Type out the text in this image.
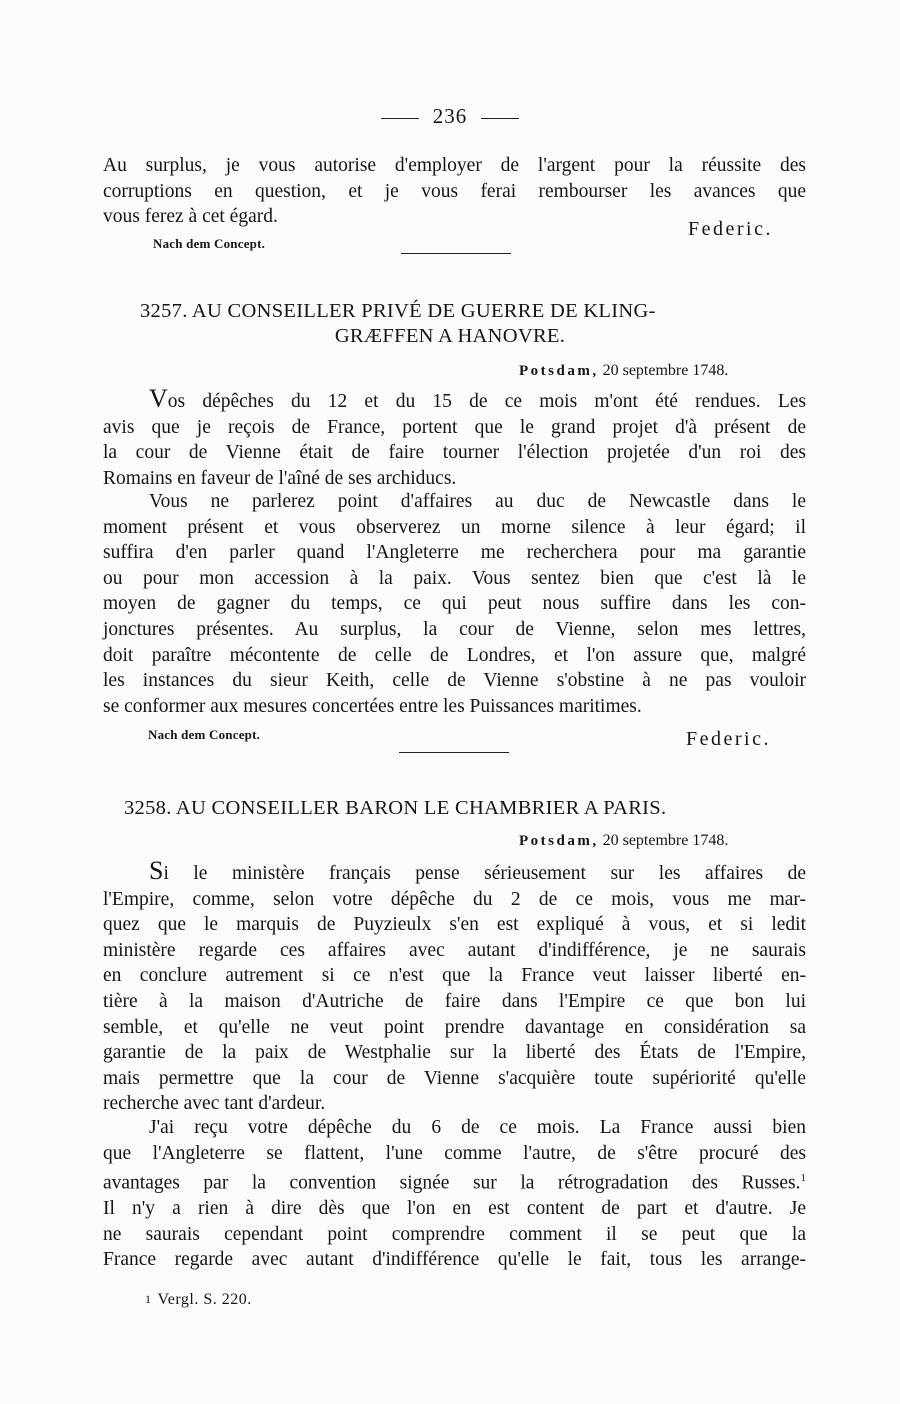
236
Au surplus, je vous autorise d'employer de l'argent pour la réussite des
corruptions en question, et je vous ferai rembourser les avances que
vous ferez à cet égard.
Nach dem Concept.
Federic.
3257. AU CONSEILLER PRIVÉ DE GUERRE DE KLING-
GRÆFFEN A HANOVRE.
Potsdam, 20 septembre 1748.
Vos dépêches du 12 et du 15 de ce mois m'ont été rendues. Les
avis que je reçois de France, portent que le grand projet d'à présent de
la cour de Vienne était de faire tourner l'élection projetée d'un roi des
Romains en faveur de l'aîné de ses archiducs.
Vous ne parlerez point d'affaires au duc de Newcastle dans le
moment présent et vous observerez un morne silence à leur égard; il
suffira d'en parler quand l'Angleterre me recherchera pour ma garantie
ou pour mon accession à la paix. Vous sentez bien que c'est là le
moyen de gagner du temps, ce qui peut nous suffire dans les con-
jonctures présentes. Au surplus, la cour de Vienne, selon mes lettres,
doit paraître mécontente de celle de Londres, et l'on assure que, malgré
les instances du sieur Keith, celle de Vienne s'obstine à ne pas vouloir
se conformer aux mesures concertées entre les Puissances maritimes.
Nach dem Concept.	Federic.
3258. AU CONSEILLER BARON LE CHAMBRIER A PARIS.
Potsdam, 20 septembre 1748.
Si le ministère français pense sérieusement sur les affaires de
l'Empire, comme, selon votre dépêche du 2 de ce mois, vous me mar-
quez que le marquis de Puyzieulx s'en est expliqué à vous, et si ledit
ministère regarde ces affaires avec autant d'indifférence, je ne saurais
en conclure autrement si ce n'est que la France veut laisser liberté en-
tière à la maison d'Autriche de faire dans l'Empire ce que bon lui
semble, et qu'elle ne veut point prendre davantage en considération sa
garantie de la paix de Westphalie sur la liberté des États de l'Empire,
mais permettre que la cour de Vienne s'acquière toute supériorité qu'elle
recherche avec tant d'ardeur.
J'ai reçu votre dépêche du 6 de ce mois. La France aussi bien
que l'Angleterre se flattent, l'une comme l'autre, de s'être procuré des
avantages par la convention signée sur la rétrogradation des Russes.$^1$
Il n'y a rien à dire dès que l'on en est content de part et d'autre. Je
ne saurais cependant point comprendre comment il se peut que la
France regarde avec autant d'indifférence qu'elle le fait, tous les arrange-
1 Vergl. S. 220.
